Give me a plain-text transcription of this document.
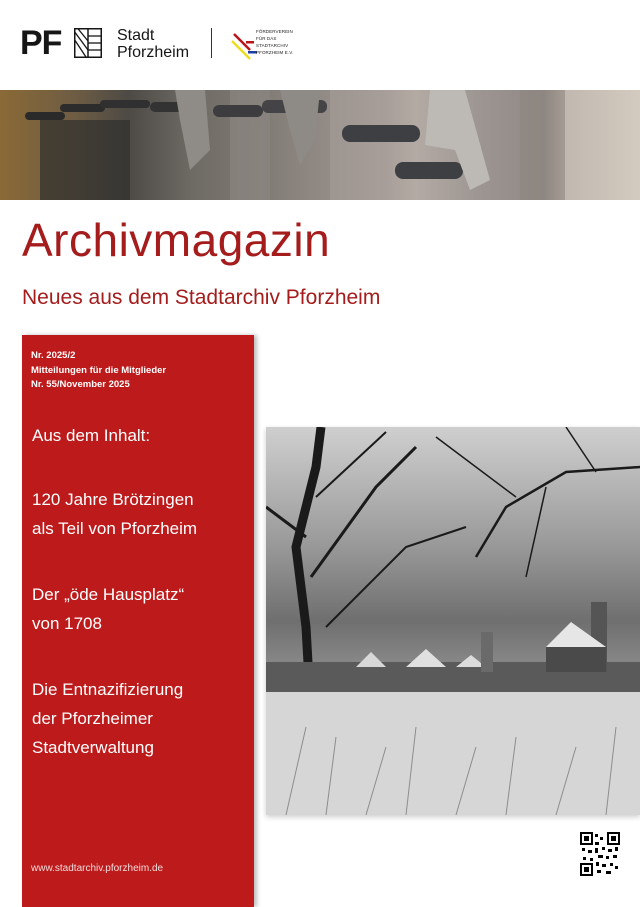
PF	Stadt
Pforzheim
FÖRDERVEREIN
FÜR DAS
STADTARCHIV
PFORZHEIM E.V.
Archivmagazin
Neues aus dem Stadtarchiv Pforzheim
Nr. 2025/2
Mitteilungen für die Mitglieder
Nr. 55/November 2025
Aus dem Inhalt:
120 Jahre Brötzingen
als Teil von Pforzheim
Der „öde Hausplatz“
von 1708
Die Entnazifizierung
der Pforzheimer
Stadtverwaltung
www.stadtarchiv.pforzheim.de
